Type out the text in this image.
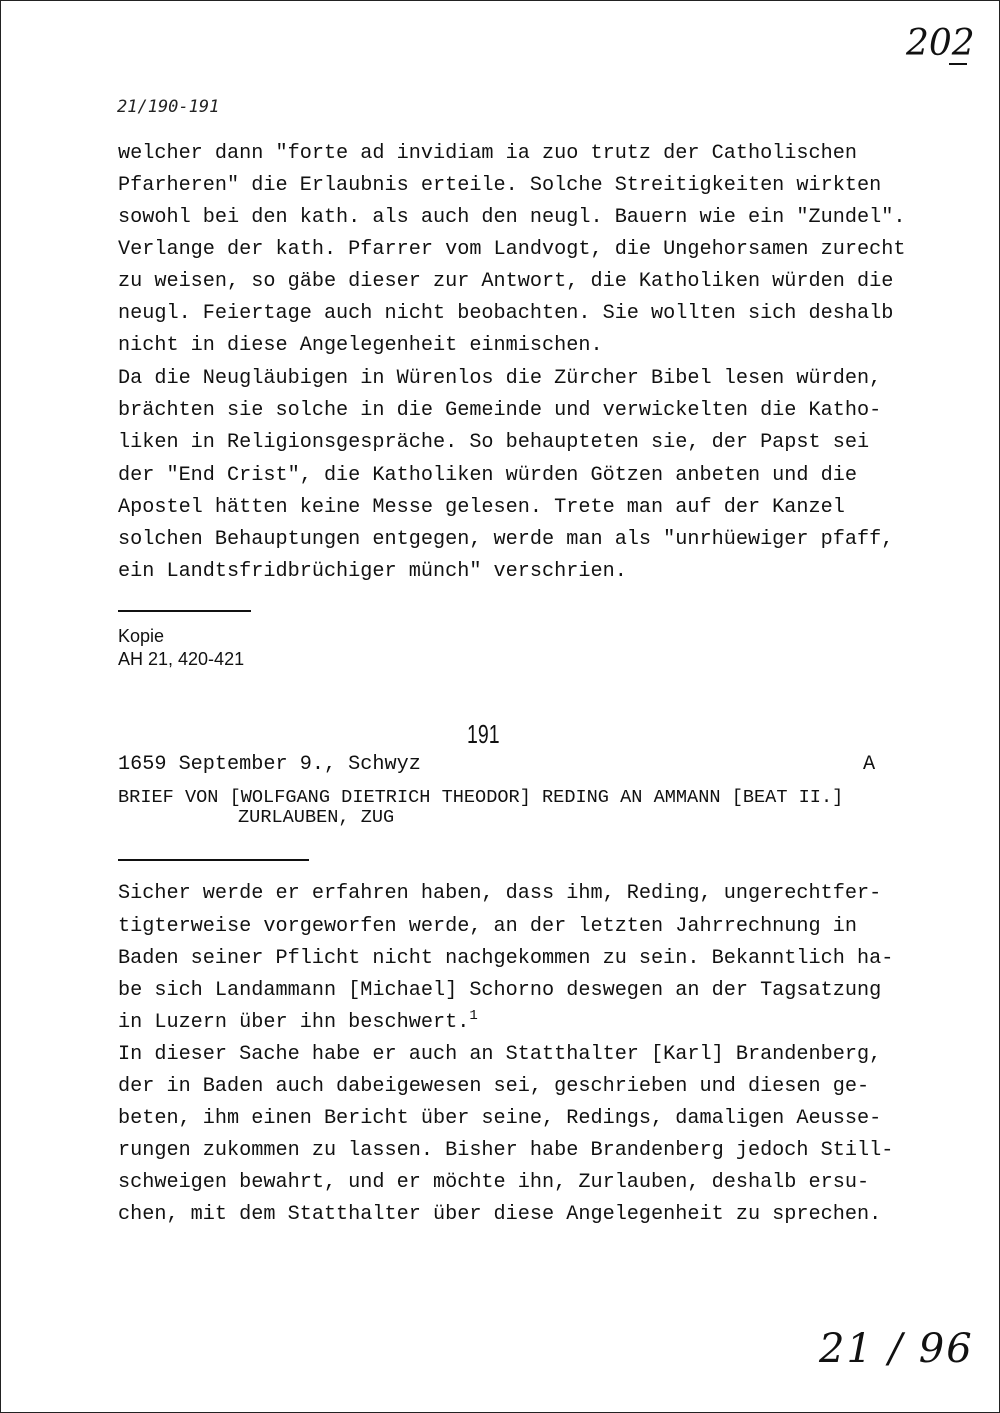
202
21/190-191
welcher dann "forte ad invidiam ia zuo trutz der Catholischen
Pfarheren" die Erlaubnis erteile. Solche Streitigkeiten wirkten
sowohl bei den kath. als auch den neugl. Bauern wie ein "Zundel".
Verlange der kath. Pfarrer vom Landvogt, die Ungehorsamen zurecht
zu weisen, so gäbe dieser zur Antwort, die Katholiken würden die
neugl. Feiertage auch nicht beobachten. Sie wollten sich deshalb
nicht in diese Angelegenheit einmischen.
Da die Neugläubigen in Würenlos die Zürcher Bibel lesen würden,
brächten sie solche in die Gemeinde und verwickelten die Katho-
liken in Religionsgespräche. So behaupteten sie, der Papst sei
der "End Crist", die Katholiken würden Götzen anbeten und die
Apostel hätten keine Messe gelesen. Trete man auf der Kanzel
solchen Behauptungen entgegen, werde man als "unrhüewiger pfaff,
ein Landtsfridbrüchiger münch" verschrien.
Kopie
AH 21, 420-421
191
1659 September 9., Schwyz	A
BRIEF VON [WOLFGANG DIETRICH THEODOR] REDING AN AMMANN [BEAT II.]
ZURLAUBEN, ZUG
Sicher werde er erfahren haben, dass ihm, Reding, ungerechtfer-
tigterweise vorgeworfen werde, an der letzten Jahrrechnung in
Baden seiner Pflicht nicht nachgekommen zu sein. Bekanntlich ha-
be sich Landammann [Michael] Schorno deswegen an der Tagsatzung
in Luzern über ihn beschwert.$^1$
In dieser Sache habe er auch an Statthalter [Karl] Brandenberg,
der in Baden auch dabeigewesen sei, geschrieben und diesen ge-
beten, ihm einen Bericht über seine, Redings, damaligen Aeusse-
rungen zukommen zu lassen. Bisher habe Brandenberg jedoch Still-
schweigen bewahrt, und er möchte ihn, Zurlauben, deshalb ersu-
chen, mit dem Statthalter über diese Angelegenheit zu sprechen.
21 / 96
